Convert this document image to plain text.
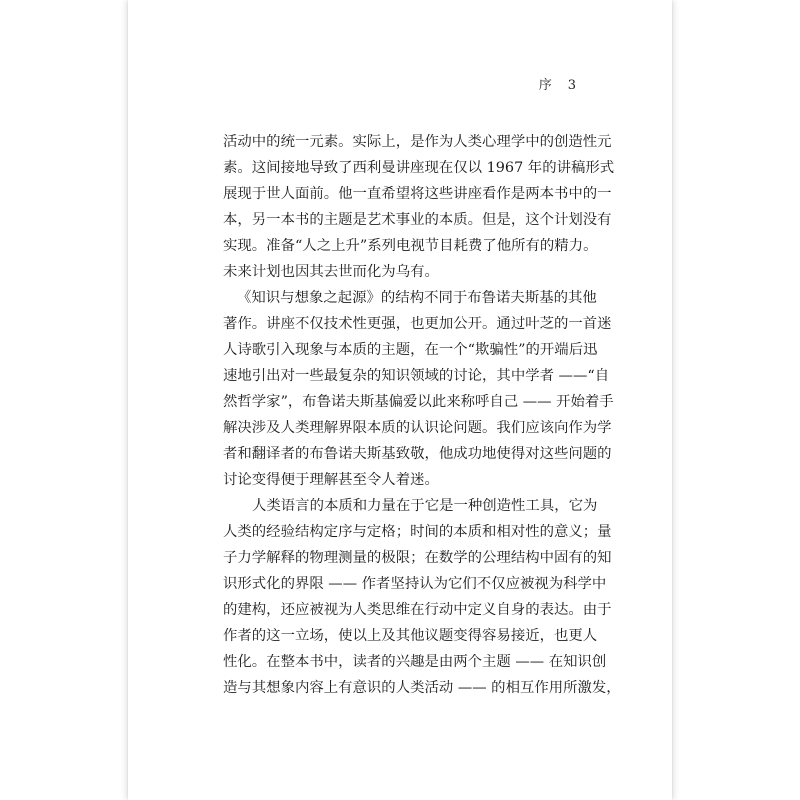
序 3
活动中的统一元素。实际上，是作为人类心理学中的创造性元
素。这间接地导致了西利曼讲座现在仅以 1967 年的讲稿形式
展现于世人面前。他一直希望将这些讲座看作是两本书中的一
本，另一本书的主题是艺术事业的本质。但是，这个计划没有
实现。准备“人之上升”系列电视节目耗费了他所有的精力。
未来计划也因其去世而化为乌有。
《知识与想象之起源》的结构不同于布鲁诺夫斯基的其他
著作。讲座不仅技术性更强，也更加公开。通过叶芝的一首迷
人诗歌引入现象与本质的主题，在一个“欺骗性”的开端后迅
速地引出对一些最复杂的知识领域的讨论，其中学者 ——“自
然哲学家”，布鲁诺夫斯基偏爱以此来称呼自己 —— 开始着手
解决涉及人类理解界限本质的认识论问题。我们应该向作为学
者和翻译者的布鲁诺夫斯基致敬，他成功地使得对这些问题的
讨论变得便于理解甚至令人着迷。
人类语言的本质和力量在于它是一种创造性工具，它为
人类的经验结构定序与定格；时间的本质和相对性的意义；量
子力学解释的物理测量的极限；在数学的公理结构中固有的知
识形式化的界限 —— 作者坚持认为它们不仅应被视为科学中
的建构，还应被视为人类思维在行动中定义自身的表达。由于
作者的这一立场，使以上及其他议题变得容易接近，也更人
性化。在整本书中，读者的兴趣是由两个主题 —— 在知识创
造与其想象内容上有意识的人类活动 —— 的相互作用所激发，
